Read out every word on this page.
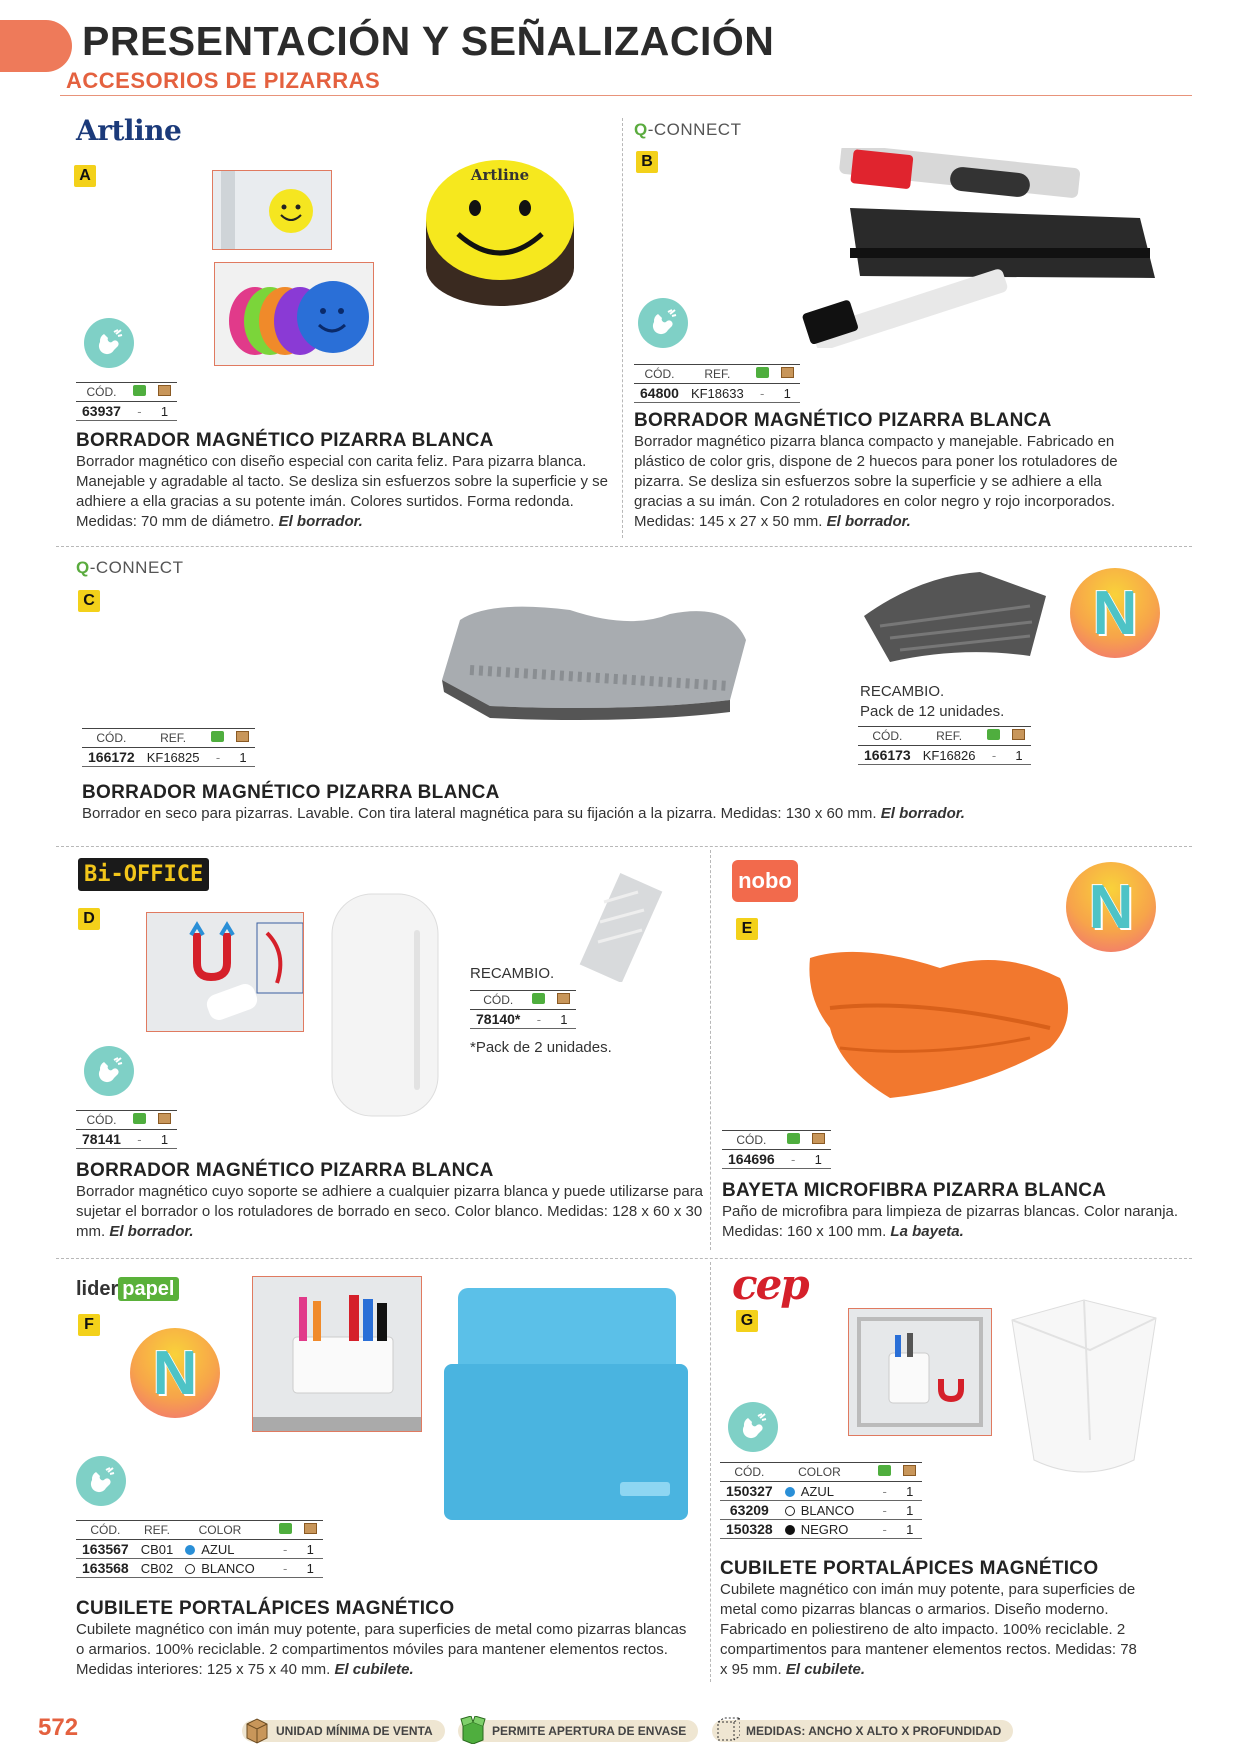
PRESENTACIÓN Y SEÑALIZACIÓN
ACCESORIOS DE PIZARRAS
Artline
A	Artline
CÓD.		
63937	-	1
BORRADOR MAGNÉTICO PIZARRA BLANCA
Borrador magnético con diseño especial con carita feliz. Para pizarra blanca. Manejable y agradable al tacto. Se desliza sin esfuerzos sobre la superficie y se adhiere a ella gracias a su potente imán. Colores surtidos. Forma redonda. Medidas: 70 mm de diámetro. El borrador.
Q-CONNECT
B
CÓD.	REF.		
64800	KF18633	-	1
BORRADOR MAGNÉTICO PIZARRA BLANCA
Borrador magnético pizarra blanca compacto y manejable. Fabricado en plástico de color gris, dispone de 2 huecos para poner los rotuladores de pizarra. Se desliza sin esfuerzos sobre la superficie y se adhiere a ella gracias a su imán. Con 2 rotuladores en color negro y rojo incorporados. Medidas: 145 x 27 x 50 mm. El borrador.
Q-CONNECT
C	N
RECAMBIO.
Pack de 12 unidades.
CÓD.	REF.		
166173	KF16826	-	1
CÓD.	REF.		
166172	KF16825	-	1
BORRADOR MAGNÉTICO PIZARRA BLANCA
Borrador en seco para pizarras. Lavable. Con tira lateral magnética para su fijación a la pizarra. Medidas: 130 x 60 mm. El borrador.
Bi-OFFICE
D
RECAMBIO.
CÓD.		
78140*	-	1
*Pack de 2 unidades.
CÓD.		
78141	-	1
BORRADOR MAGNÉTICO PIZARRA BLANCA
Borrador magnético cuyo soporte se adhiere a cualquier pizarra blanca y puede utilizarse para sujetar el borrador o los rotuladores de borrado en seco. Color blanco. Medidas: 128 x 60 x 30 mm. El borrador.
nobo
E	N
CÓD.		
164696	-	1
BAYETA MICROFIBRA PIZARRA BLANCA
Paño de microfibra para limpieza de pizarras blancas. Color naranja. Medidas: 160 x 100 mm. La bayeta.
lider papel
F
N
CÓD.	REF.	COLOR			
163567	CB01	AZUL		-	1
163568	CB02	BLANCO		-	1
CUBILETE PORTALÁPICES MAGNÉTICO
Cubilete magnético con imán muy potente, para superficies de metal como pizarras blancas o armarios. 100% reciclable. 2 compartimentos móviles para mantener elementos rectos. Medidas interiores: 125 x 75 x 40 mm. El cubilete.
cep
G
CÓD.	COLOR			
150327	AZUL		-	1
63209	BLANCO		-	1
150328	NEGRO		-	1
CUBILETE PORTALÁPICES MAGNÉTICO
Cubilete magnético con imán muy potente, para superficies de metal como pizarras blancas o armarios. Diseño moderno. Fabricado en poliestireno de alto impacto. 100% reciclable. 2 compartimentos para mantener elementos rectos. Medidas: 78 x 95 mm. El cubilete.
572	UNIDAD MÍNIMA DE VENTA	PERMITE APERTURA DE ENVASE	MEDIDAS: ANCHO X ALTO X PROFUNDIDAD
